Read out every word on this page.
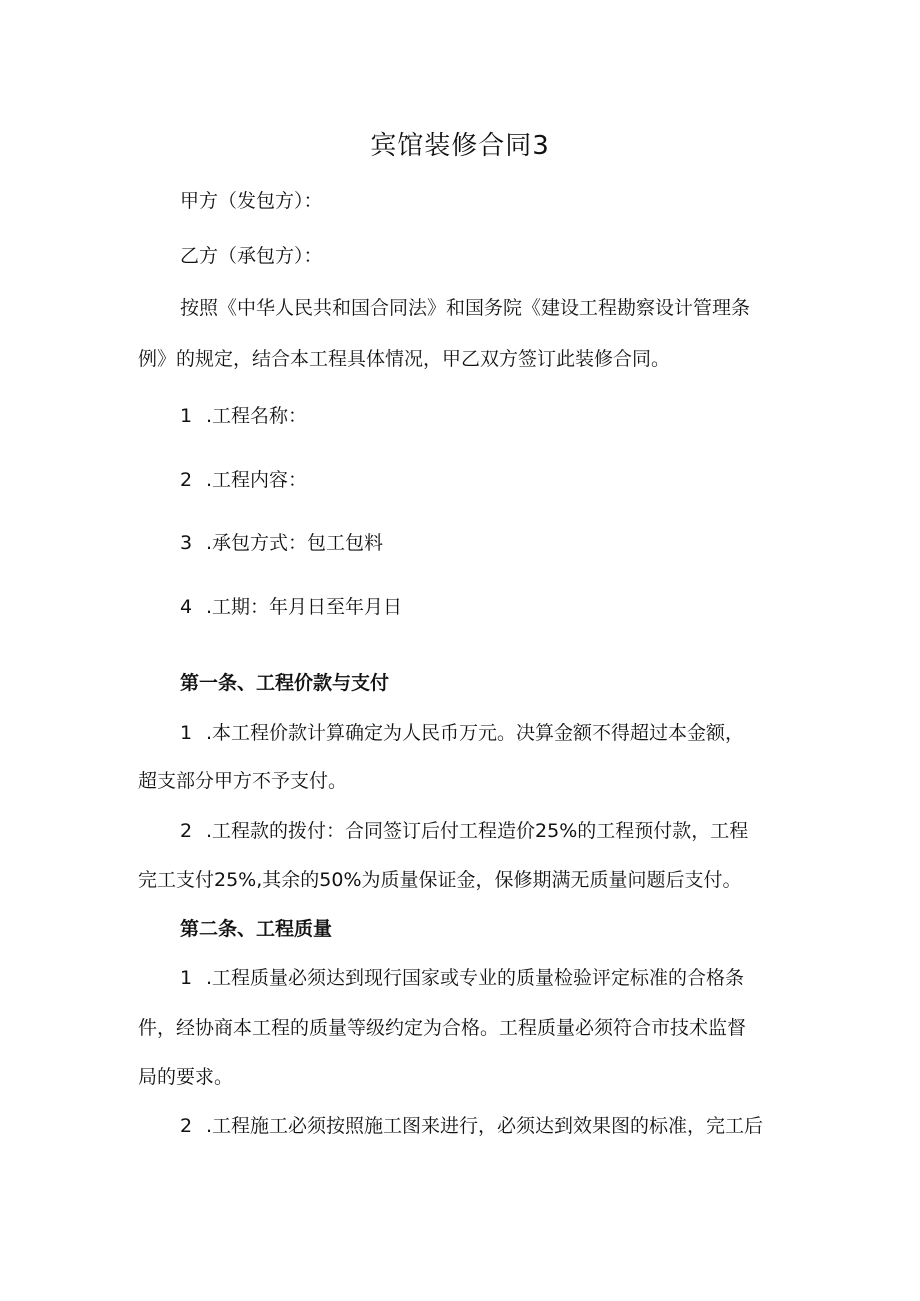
宾馆装修合同3
甲方（发包方）：
乙方（承包方）：
按照《中华人民共和国合同法》和国务院《建设工程勘察设计管理条
例》的规定，结合本工程具体情况，甲乙双方签订此装修合同。
1 .工程名称：
2 .工程内容：
3 .承包方式：包工包料
4 .工期：年月日至年月日
第一条、工程价款与支付
1 .本工程价款计算确定为人民币万元。决算金额不得超过本金额，
超支部分甲方不予支付。
2 .工程款的拨付：合同签订后付工程造价25%的工程预付款，工程
完工支付25%,其余的50%为质量保证金，保修期满无质量问题后支付。
第二条、工程质量
1 .工程质量必须达到现行国家或专业的质量检验评定标准的合格条
件，经协商本工程的质量等级约定为合格。工程质量必须符合市技术监督
局的要求。
2 .工程施工必须按照施工图来进行，必须达到效果图的标准，完工后
